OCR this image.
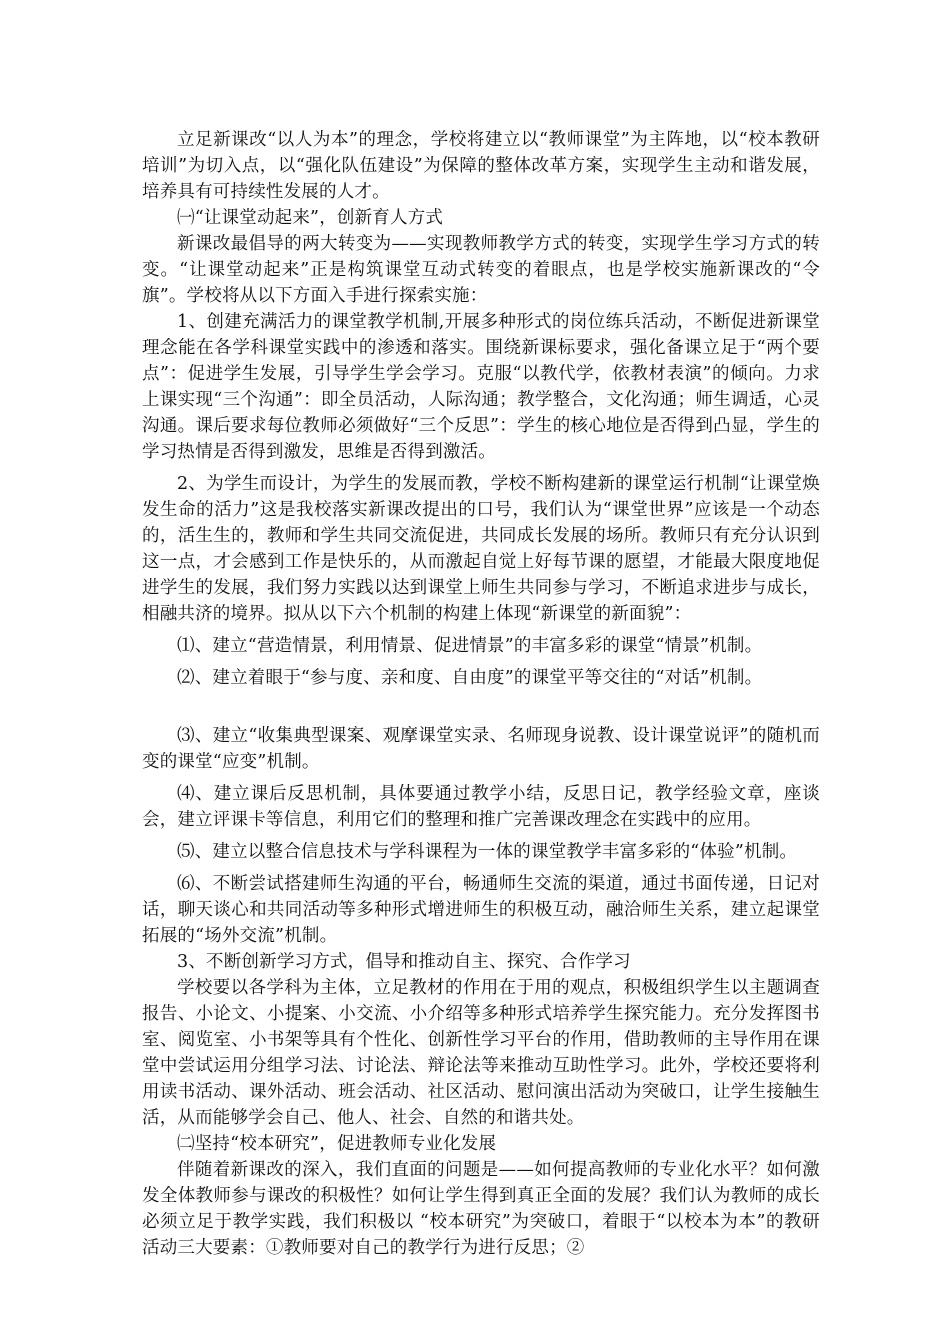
立足新课改“以人为本”的理念，学校将建立以“教师课堂”为主阵地，以“校本教研培训”为切入点，以“强化队伍建设”为保障的整体改革方案，实现学生主动和谐发展，培养具有可持续性发展的人才。

㈠“让课堂动起来”，创新育人方式

新课改最倡导的两大转变为——实现教师教学方式的转变，实现学生学习方式的转变。“让课堂动起来”正是构筑课堂互动式转变的着眼点，也是学校实施新课改的“令旗”。学校将从以下方面入手进行探索实施：

1、创建充满活力的课堂教学机制,开展多种形式的岗位练兵活动，不断促进新课堂理念能在各学科课堂实践中的渗透和落实。围绕新课标要求，强化备课立足于“两个要点”：促进学生发展，引导学生学会学习。克服“以教代学，依教材表演”的倾向。力求上课实现“三个沟通”：即全员活动，人际沟通；教学整合，文化沟通；师生调适，心灵沟通。课后要求每位教师必须做好“三个反思”：学生的核心地位是否得到凸显，学生的学习热情是否得到激发，思维是否得到激活。

2、为学生而设计，为学生的发展而教，学校不断构建新的课堂运行机制“让课堂焕发生命的活力”这是我校落实新课改提出的口号，我们认为“课堂世界”应该是一个动态的，活生生的，教师和学生共同交流促进，共同成长发展的场所。教师只有充分认识到这一点，才会感到工作是快乐的，从而激起自觉上好每节课的愿望，才能最大限度地促进学生的发展，我们努力实践以达到课堂上师生共同参与学习，不断追求进步与成长，相融共济的境界。拟从以下六个机制的构建上体现“新课堂的新面貌”：

⑴、建立“营造情景，利用情景、促进情景”的丰富多彩的课堂“情景”机制。

⑵、建立着眼于“参与度、亲和度、自由度”的课堂平等交往的“对话”机制。

⑶、建立“收集典型课案、观摩课堂实录、名师现身说教、设计课堂说评”的随机而变的课堂“应变”机制。

⑷、建立课后反思机制，具体要通过教学小结，反思日记，教学经验文章，座谈会，建立评课卡等信息，利用它们的整理和推广完善课改理念在实践中的应用。

⑸、建立以整合信息技术与学科课程为一体的课堂教学丰富多彩的“体验”机制。

⑹、不断尝试搭建师生沟通的平台，畅通师生交流的渠道，通过书面传递，日记对话，聊天谈心和共同活动等多种形式增进师生的积极互动，融洽师生关系，建立起课堂拓展的“场外交流”机制。

3、不断创新学习方式，倡导和推动自主、探究、合作学习

学校要以各学科为主体，立足教材的作用在于用的观点，积极组织学生以主题调查报告、小论文、小提案、小交流、小介绍等多种形式培养学生探究能力。充分发挥图书室、阅览室、小书架等具有个性化、创新性学习平台的作用，借助教师的主导作用在课堂中尝试运用分组学习法、讨论法、辩论法等来推动互助性学习。此外，学校还要将利用读书活动、课外活动、班会活动、社区活动、慰问演出活动为突破口，让学生接触生活，从而能够学会自己、他人、社会、自然的和谐共处。

㈡坚持“校本研究”，促进教师专业化发展

伴随着新课改的深入，我们直面的问题是——如何提高教师的专业化水平？如何激发全体教师参与课改的积极性？如何让学生得到真正全面的发展？我们认为教师的成长必须立足于教学实践，我们积极以 “校本研究”为突破口，着眼于“以校本为本”的教研活动三大要素：①教师要对自己的教学行为进行反思；②
